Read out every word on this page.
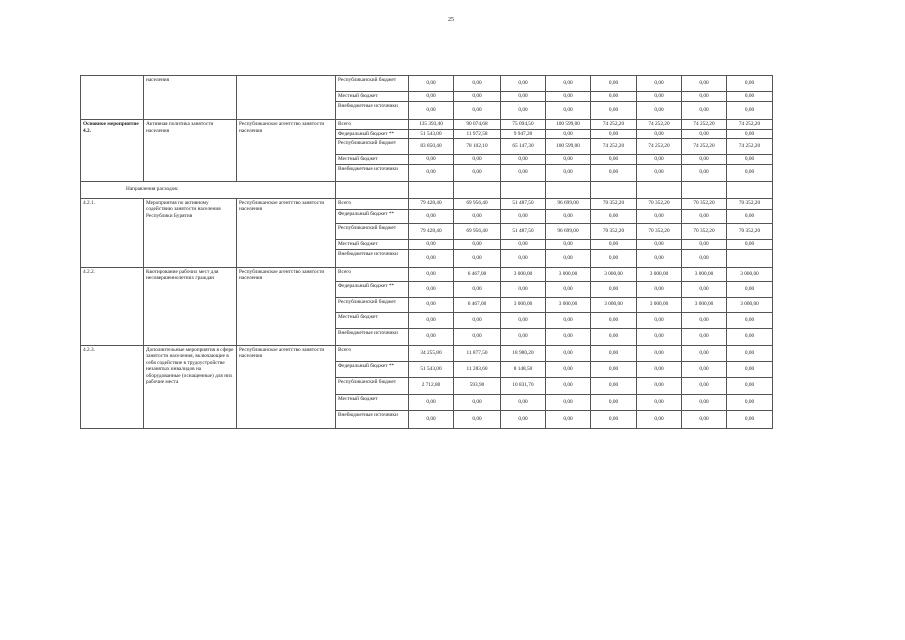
25
	населения		Республиканский бюджет	0,00	0,00	0,00	0,00	0,00	0,00	0,00	0,00
			Местный бюджет	0,00	0,00	0,00	0,00	0,00	0,00	0,00	0,00
			Внебюджетные источники	0,00	0,00	0,00	0,00	0,00	0,00	0,00	0,00
Основное мероприятие 4.2.	Активная политика занятости населения	Республиканское агентство занятости населения	Всего	135 393,40	90 074,68	75 094,50	100 599,00	74 252,20	74 252,20	74 252,20	74 252,20
			Федеральный бюджет **	51 543,00	11 972,58	9 947,20	0,00	0,00	0,00	0,00	0,00
			Республиканский бюджет	83 850,40	78 102,10	65 147,30	100 599,00	74 252,20	74 252,20	74 252,20	74 252,20
			Местный бюджет	0,00	0,00	0,00	0,00	0,00	0,00	0,00	0,00
			Внебюджетные источники	0,00	0,00	0,00	0,00	0,00	0,00	0,00	0,00
Направления расходов:											
4.2.1.	Мероприятия по активному содействию занятости населения Республики Бурятия	Республиканское агентство занятости населения	Всего	79 428,40	69 956,40	51 487,50	96 699,00	70 352,20	70 352,20	70 352,20	70 352,20
			Федеральный бюджет **	0,00	0,00	0,00	0,00	0,00	0,00	0,00	0,00
			Республиканский бюджет	79 428,40	69 956,40	51 487,50	96 699,00	70 352,20	70 352,20	70 352,20	70 352,20
			Местный бюджет	0,00	0,00	0,00	0,00	0,00	0,00	0,00	0,00
			Внебюджетные источники	0,00	0,00	0,00	0,00	0,00	0,00	0,00	
4.2.2.	Квотирование рабочих мест для несовершеннолетних граждан	Республиканское агентство занятости населения	Всего	0,00	6 467,00	3 000,00	3 000,00	3 000,00	3 000,00	3 000,00	3 000,00
			Федеральный бюджет **	0,00	0,00	0,00	0,00	0,00	0,00	0,00	0,00
			Республиканский бюджет	0,00	6 467,00	3 000,00	3 000,00	3 000,00	3 000,00	3 000,00	3 000,00
			Местный бюджет	0,00	0,00	0,00	0,00	0,00	0,00	0,00	0,00
			Внебюджетные источники	0,00	0,00	0,00	0,00	0,00	0,00	0,00	0,00
4.2.3.	Дополнительные мероприятия в сфере занятости населения, включающие в себя содействие в трудоустройстве незанятых инвалидов на оборудованные (оснащенные) для них рабочие места	Республиканское агентство занятости населения	Всего	34 255,80	11 877,50	18 980,20	0,00	0,00	0,00	0,00	0,00
			Федеральный бюджет **	51 543,00	11 283,60	8 148,50	0,00	0,00	0,00	0,00	0,00
			Республиканский бюджет	2 712,80	593,90	10 831,70	0,00	0,00	0,00	0,00	0,00
			Местный бюджет	0,00	0,00	0,00	0,00	0,00	0,00	0,00	0,00
			Внебюджетные источники	0,00	0,00	0,00	0,00	0,00	0,00	0,00	0,00
